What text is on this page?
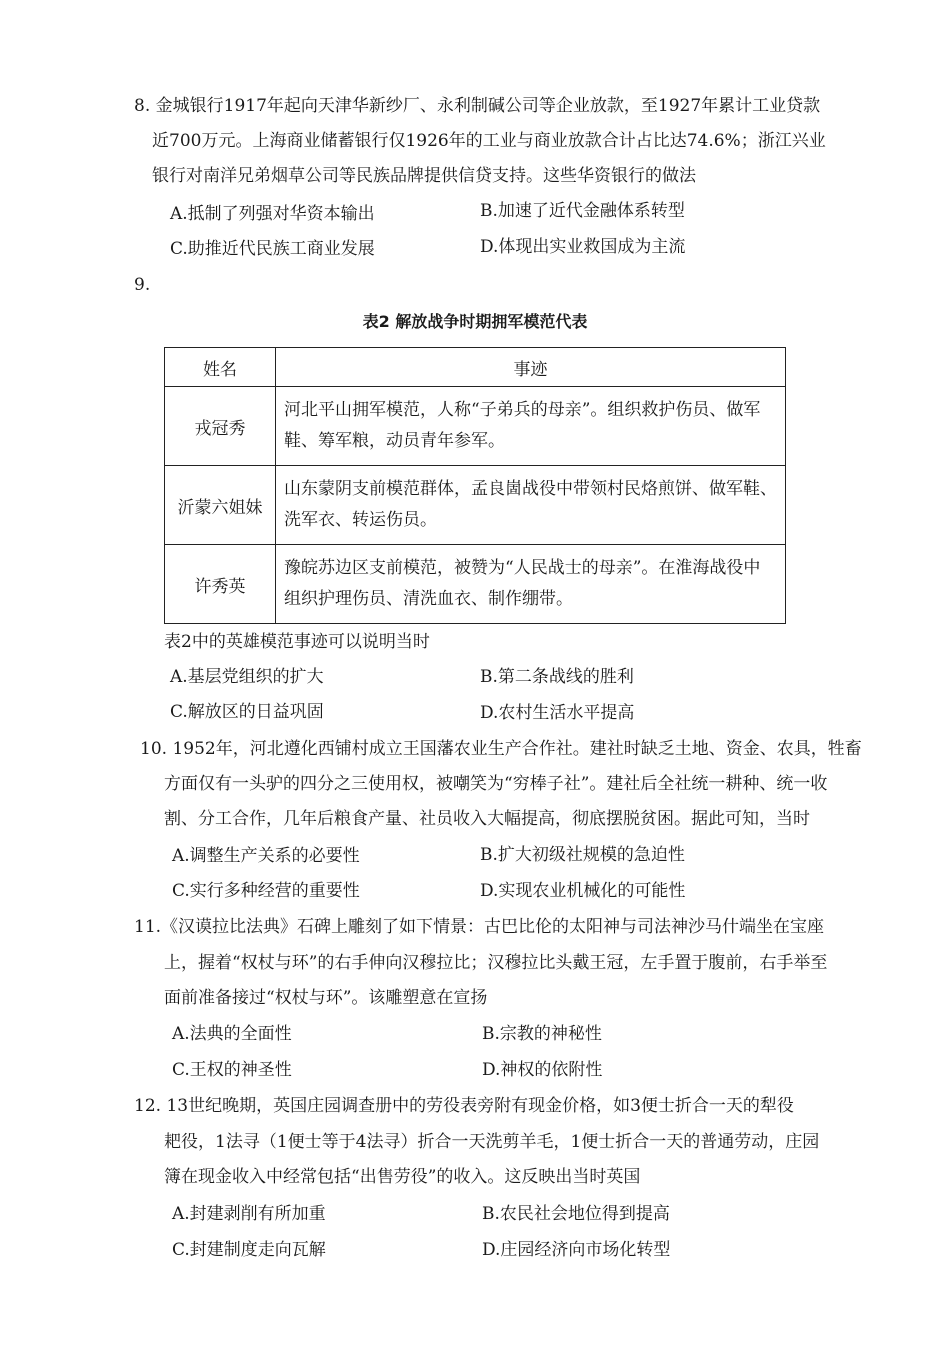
8. 金城银行1917年起向天津华新纱厂、永利制碱公司等企业放款，至1927年累计工业贷款
近700万元。上海商业储蓄银行仅1926年的工业与商业放款合计占比达74.6%；浙江兴业
银行对南洋兄弟烟草公司等民族品牌提供信贷支持。这些华资银行的做法
A.抵制了列强对华资本输出	B.加速了近代金融体系转型
C.助推近代民族工商业发展	D.体现出实业救国成为主流
9.
表2 解放战争时期拥军模范代表
姓名	事迹
戎冠秀	河北平山拥军模范，人称“子弟兵的母亲”。组织救护伤员、做军鞋、筹军粮，动员青年参军。
沂蒙六姐妹	山东蒙阴支前模范群体，孟良崮战役中带领村民烙煎饼、做军鞋、洗军衣、转运伤员。
许秀英	豫皖苏边区支前模范，被赞为“人民战士的母亲”。在淮海战役中组织护理伤员、清洗血衣、制作绷带。
表2中的英雄模范事迹可以说明当时
A.基层党组织的扩大	B.第二条战线的胜利
C.解放区的日益巩固	D.农村生活水平提高
10. 1952年，河北遵化西铺村成立王国藩农业生产合作社。建社时缺乏土地、资金、农具，牲畜
方面仅有一头驴的四分之三使用权，被嘲笑为“穷棒子社”。建社后全社统一耕种、统一收
割、分工合作，几年后粮食产量、社员收入大幅提高，彻底摆脱贫困。据此可知，当时
A.调整生产关系的必要性	B.扩大初级社规模的急迫性
C.实行多种经营的重要性	D.实现农业机械化的可能性
11.《汉谟拉比法典》石碑上雕刻了如下情景：古巴比伦的太阳神与司法神沙马什端坐在宝座
上，握着“权杖与环”的右手伸向汉穆拉比；汉穆拉比头戴王冠，左手置于腹前，右手举至
面前准备接过“权杖与环”。该雕塑意在宣扬
A.法典的全面性	B.宗教的神秘性
C.王权的神圣性	D.神权的依附性
12. 13世纪晚期，英国庄园调查册中的劳役表旁附有现金价格，如3便士折合一天的犁役
耙役，1法寻（1便士等于4法寻）折合一天洗剪羊毛，1便士折合一天的普通劳动，庄园
簿在现金收入中经常包括“出售劳役”的收入。这反映出当时英国
A.封建剥削有所加重	B.农民社会地位得到提高
C.封建制度走向瓦解	D.庄园经济向市场化转型
